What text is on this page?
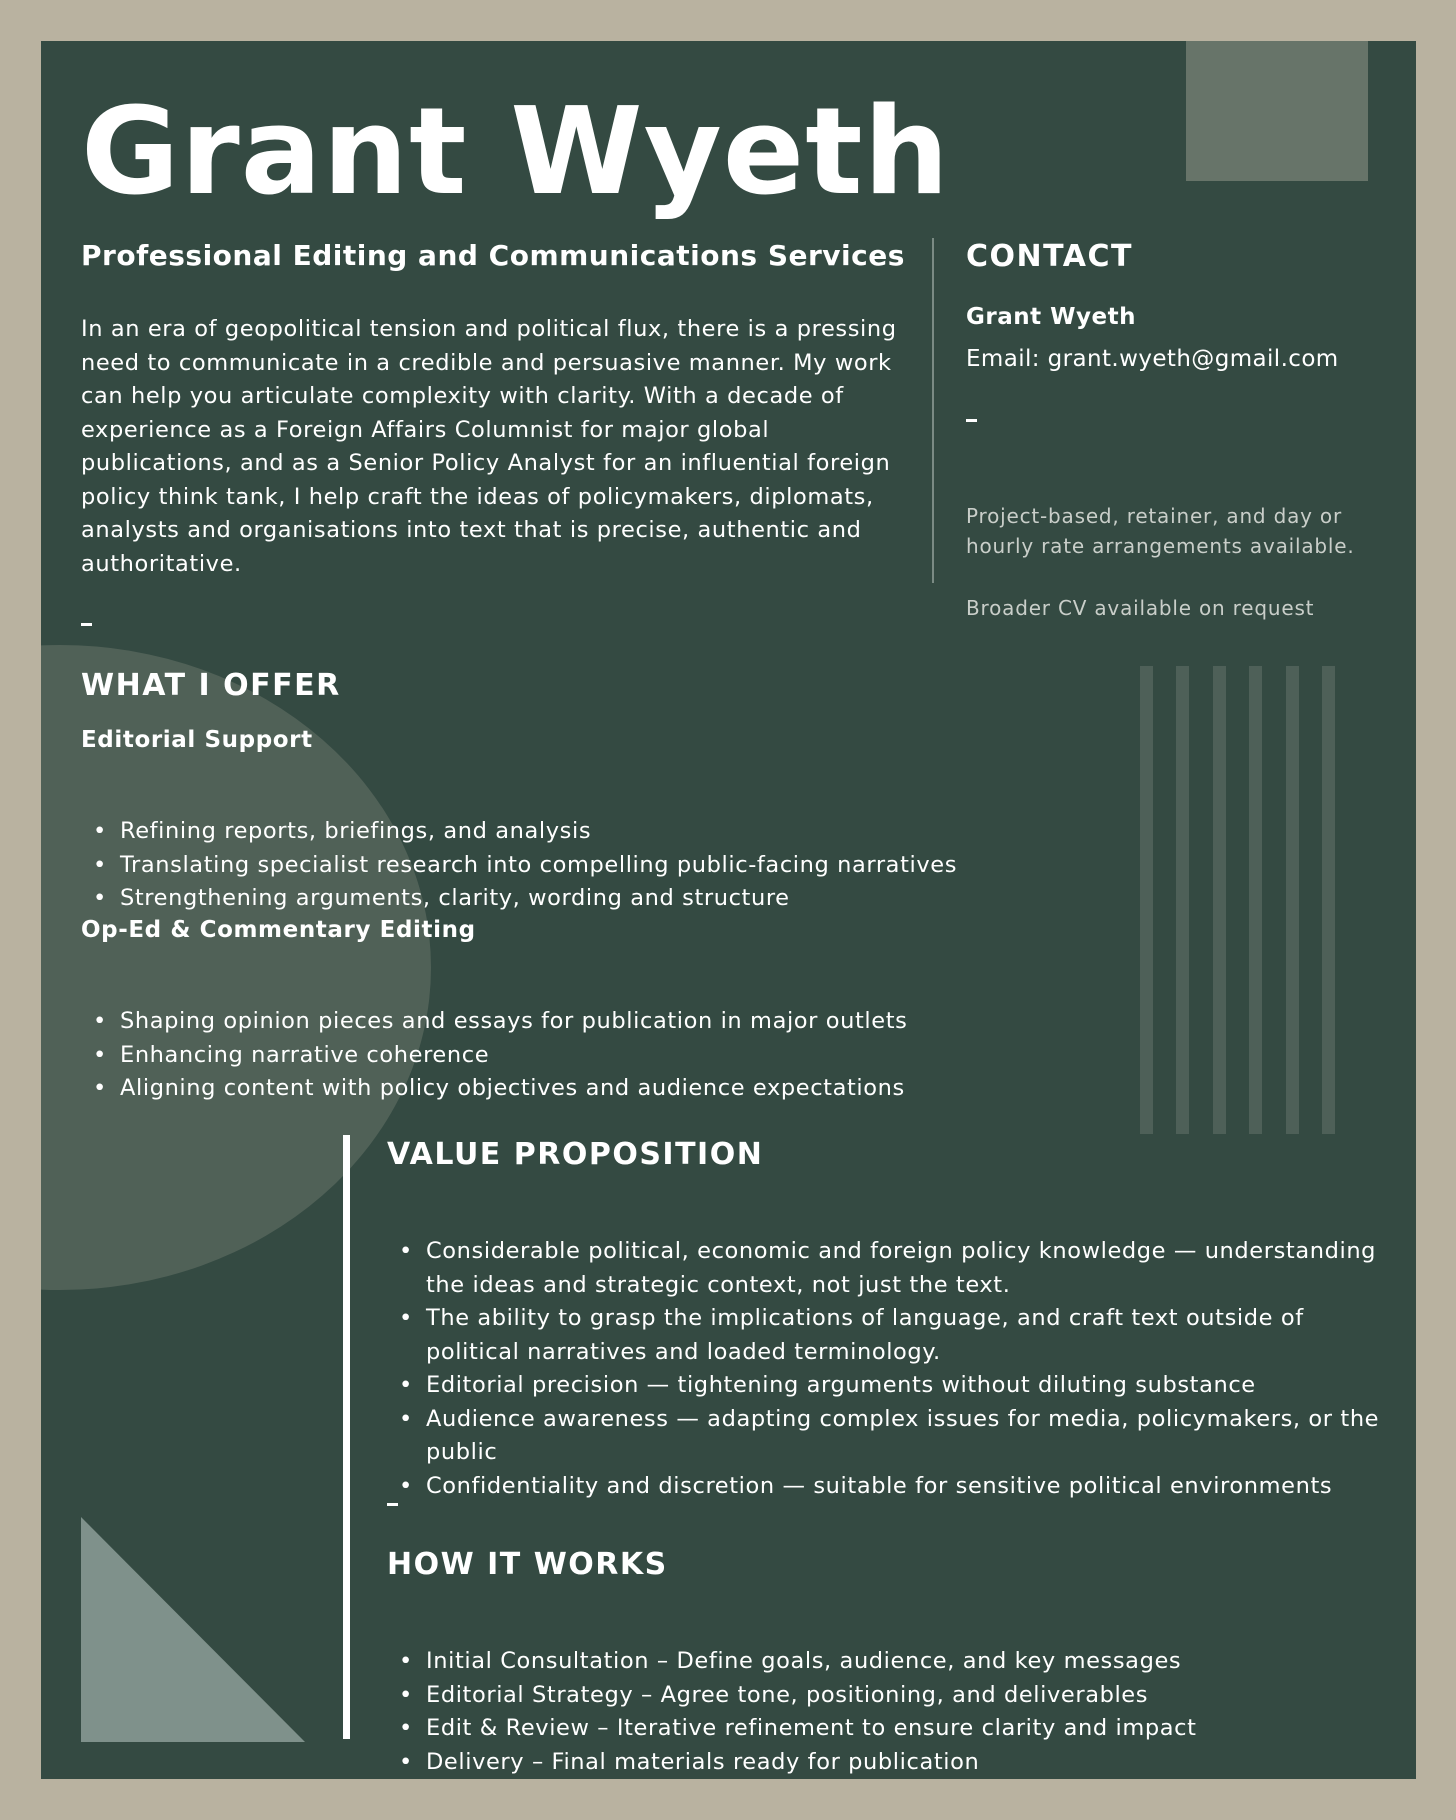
Grant Wyeth
Professional Editing and Communications Services

In an era of geopolitical tension and political flux, there is a pressing need to communicate in a credible and persuasive manner. My work can help you articulate complexity with clarity. With a decade of experience as a Foreign Affairs Columnist for major global publications, and as a Senior Policy Analyst for an influential foreign policy think tank, I help craft the ideas of policymakers, diplomats, analysts and organisations into text that is precise, authentic and authoritative.

CONTACT
Grant Wyeth
Email: grant.wyeth@gmail.com

Project-based, retainer, and day or hourly rate arrangements available.

Broader CV available on request

WHAT I OFFER
Editorial Support
• Refining reports, briefings, and analysis
• Translating specialist research into compelling public-facing narratives
• Strengthening arguments, clarity, wording and structure
Op-Ed & Commentary Editing
• Shaping opinion pieces and essays for publication in major outlets
• Enhancing narrative coherence
• Aligning content with policy objectives and audience expectations
VALUE PROPOSITION
• Considerable political, economic and foreign policy knowledge — understanding the ideas and strategic context, not just the text.
• The ability to grasp the implications of language, and craft text outside of political narratives and loaded terminology.
• Editorial precision — tightening arguments without diluting substance
• Audience awareness — adapting complex issues for media, policymakers, or the public
• Confidentiality and discretion — suitable for sensitive political environments
HOW IT WORKS
• Initial Consultation – Define goals, audience, and key messages
• Editorial Strategy – Agree tone, positioning, and deliverables
• Edit & Review – Iterative refinement to ensure clarity and impact
• Delivery – Final materials ready for publication
